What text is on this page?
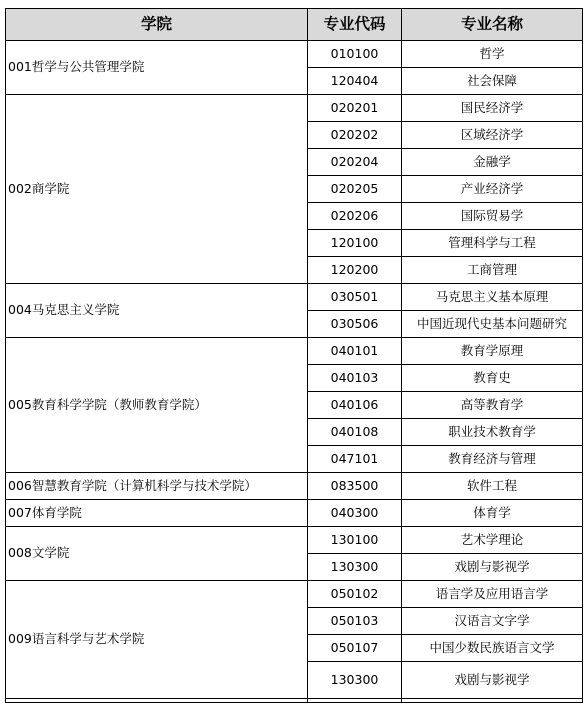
学院	专业代码	专业名称
001哲学与公共管理学院	010100	哲学
	120404	社会保障
002商学院	020201	国民经济学
	020202	区域经济学
	020204	金融学
	020205	产业经济学
	020206	国际贸易学
	120100	管理科学与工程
	120200	工商管理
004马克思主义学院	030501	马克思主义基本原理
	030506	中国近现代史基本问题研究
005教育科学学院（教师教育学院）	040101	教育学原理
	040103	教育史
	040106	高等教育学
	040108	职业技术教育学
	047101	教育经济与管理
006智慧教育学院（计算机科学与技术学院）	083500	软件工程
007体育学院	040300	体育学
008文学院	130100	艺术学理论
	130300	戏剧与影视学
009语言科学与艺术学院	050102	语言学及应用语言学
	050103	汉语言文字学
	050107	中国少数民族语言文学
	130300	戏剧与影视学
